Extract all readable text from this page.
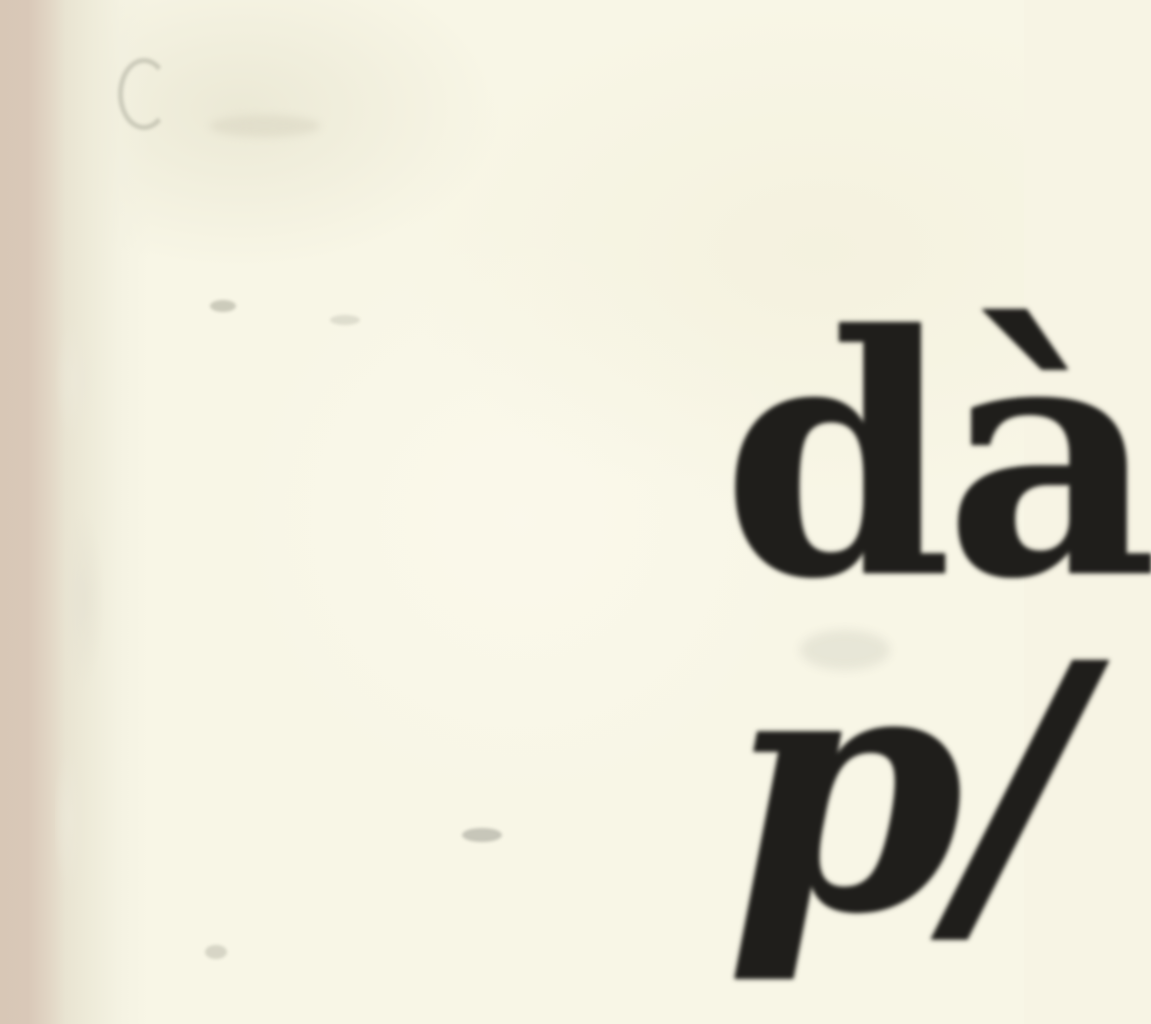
dà

p/
